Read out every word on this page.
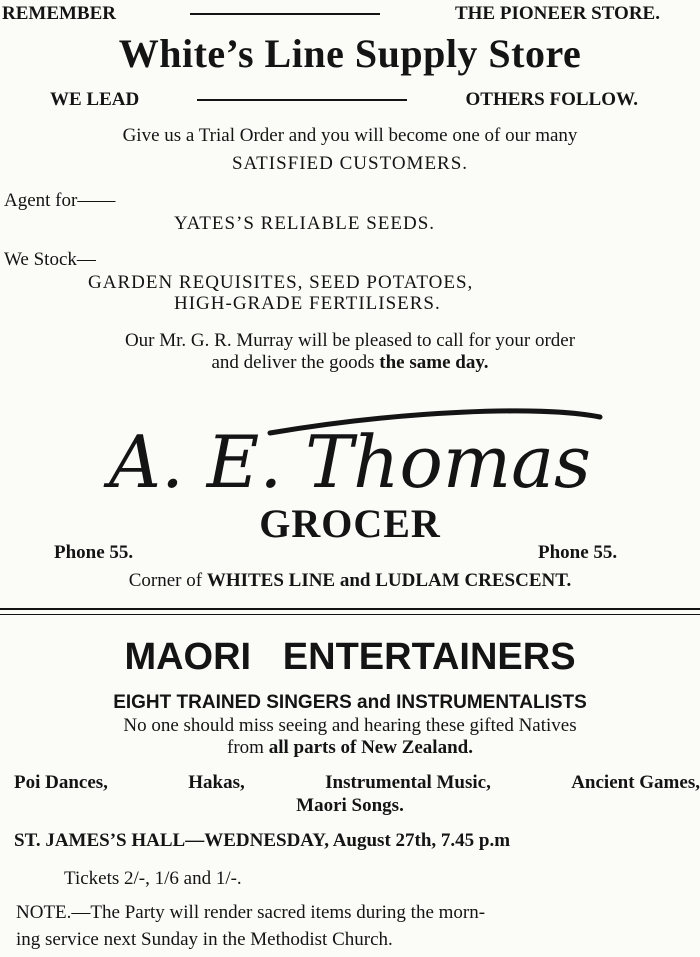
REMEMBER	THE PIONEER STORE.
White’s Line Supply Store
WE LEAD	OTHERS FOLLOW.
Give us a Trial Order and you will become one of our many
SATISFIED CUSTOMERS.
Agent for——
YATES’S RELIABLE SEEDS.
We Stock—
GARDEN REQUISITES, SEED POTATOES,
HIGH-GRADE FERTILISERS.
Our Mr. G. R. Murray will be pleased to call for your order
and deliver the goods the same day.
A. E. Thomas
GROCER
Phone 55.	Phone 55.
Corner of WHITES LINE and LUDLAM CRESCENT.
MAORI   ENTERTAINERS
EIGHT TRAINED SINGERS and INSTRUMENTALISTS
No one should miss seeing and hearing these gifted Natives
from all parts of New Zealand.
Poi Dances,	Hakas,	Instrumental Music,	Ancient Games,
Maori Songs.
ST. JAMES’S HALL—WEDNESDAY, August 27th, 7.45 p.m
Tickets 2/-, 1/6 and 1/-.
NOTE.—The Party will render sacred items during the morn-
ing service next Sunday in the Methodist Church.
